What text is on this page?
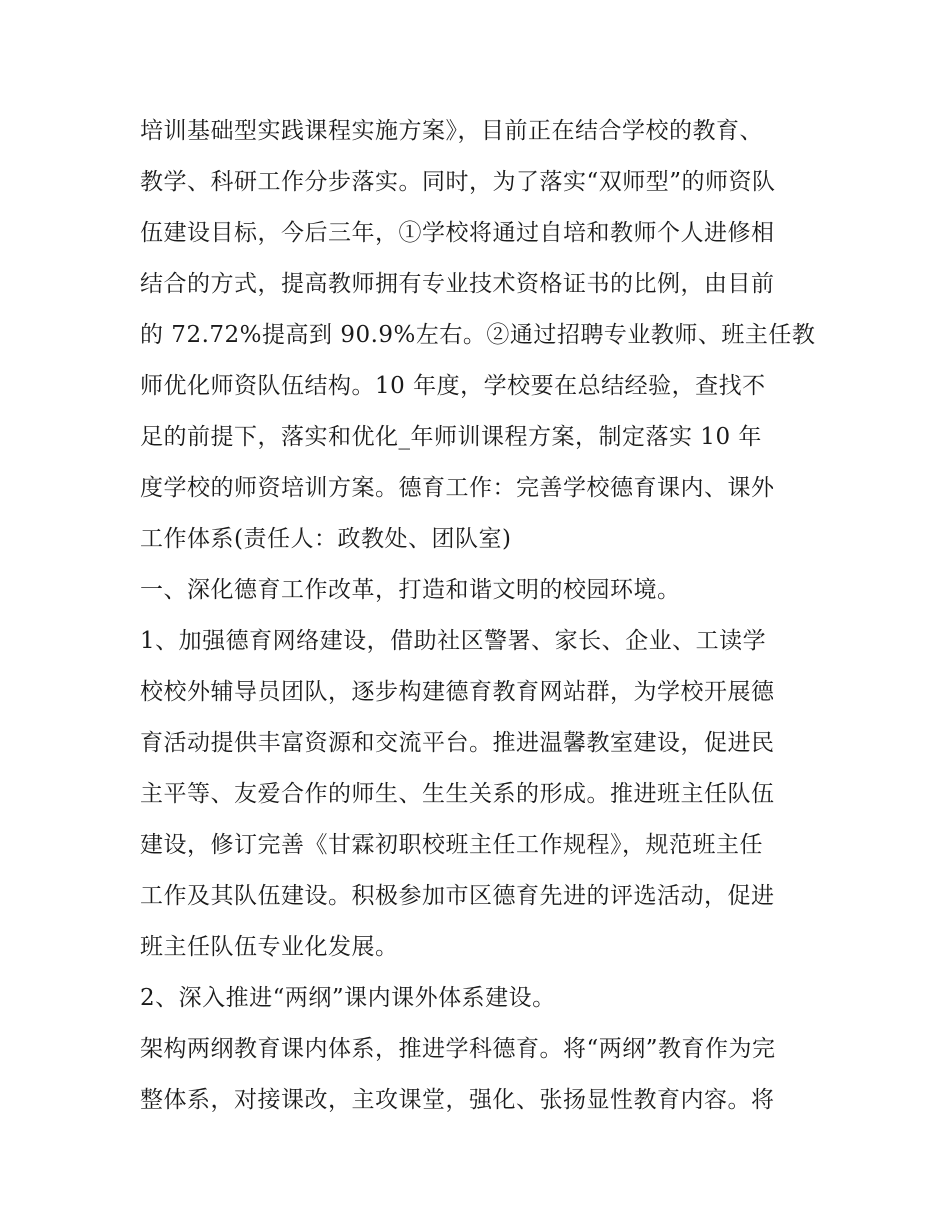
培训基础型实践课程实施方案》，目前正在结合学校的教育、
教学、科研工作分步落实。同时，为了落实“双师型”的师资队
伍建设目标，今后三年，①学校将通过自培和教师个人进修相
结合的方式，提高教师拥有专业技术资格证书的比例，由目前
的 72.72%提高到 90.9%左右。②通过招聘专业教师、班主任教
师优化师资队伍结构。10 年度，学校要在总结经验，查找不
足的前提下，落实和优化_年师训课程方案，制定落实 10 年
度学校的师资培训方案。德育工作：完善学校德育课内、课外
工作体系(责任人：政教处、团队室)
一、深化德育工作改革，打造和谐文明的校园环境。
1、加强德育网络建设，借助社区警署、家长、企业、工读学
校校外辅导员团队，逐步构建德育教育网站群，为学校开展德
育活动提供丰富资源和交流平台。推进温馨教室建设，促进民
主平等、友爱合作的师生、生生关系的形成。推进班主任队伍
建设，修订完善《甘霖初职校班主任工作规程》，规范班主任
工作及其队伍建设。积极参加市区德育先进的评选活动，促进
班主任队伍专业化发展。
2、深入推进“两纲”课内课外体系建设。
架构两纲教育课内体系，推进学科德育。将“两纲”教育作为完
整体系，对接课改，主攻课堂，强化、张扬显性教育内容。将
